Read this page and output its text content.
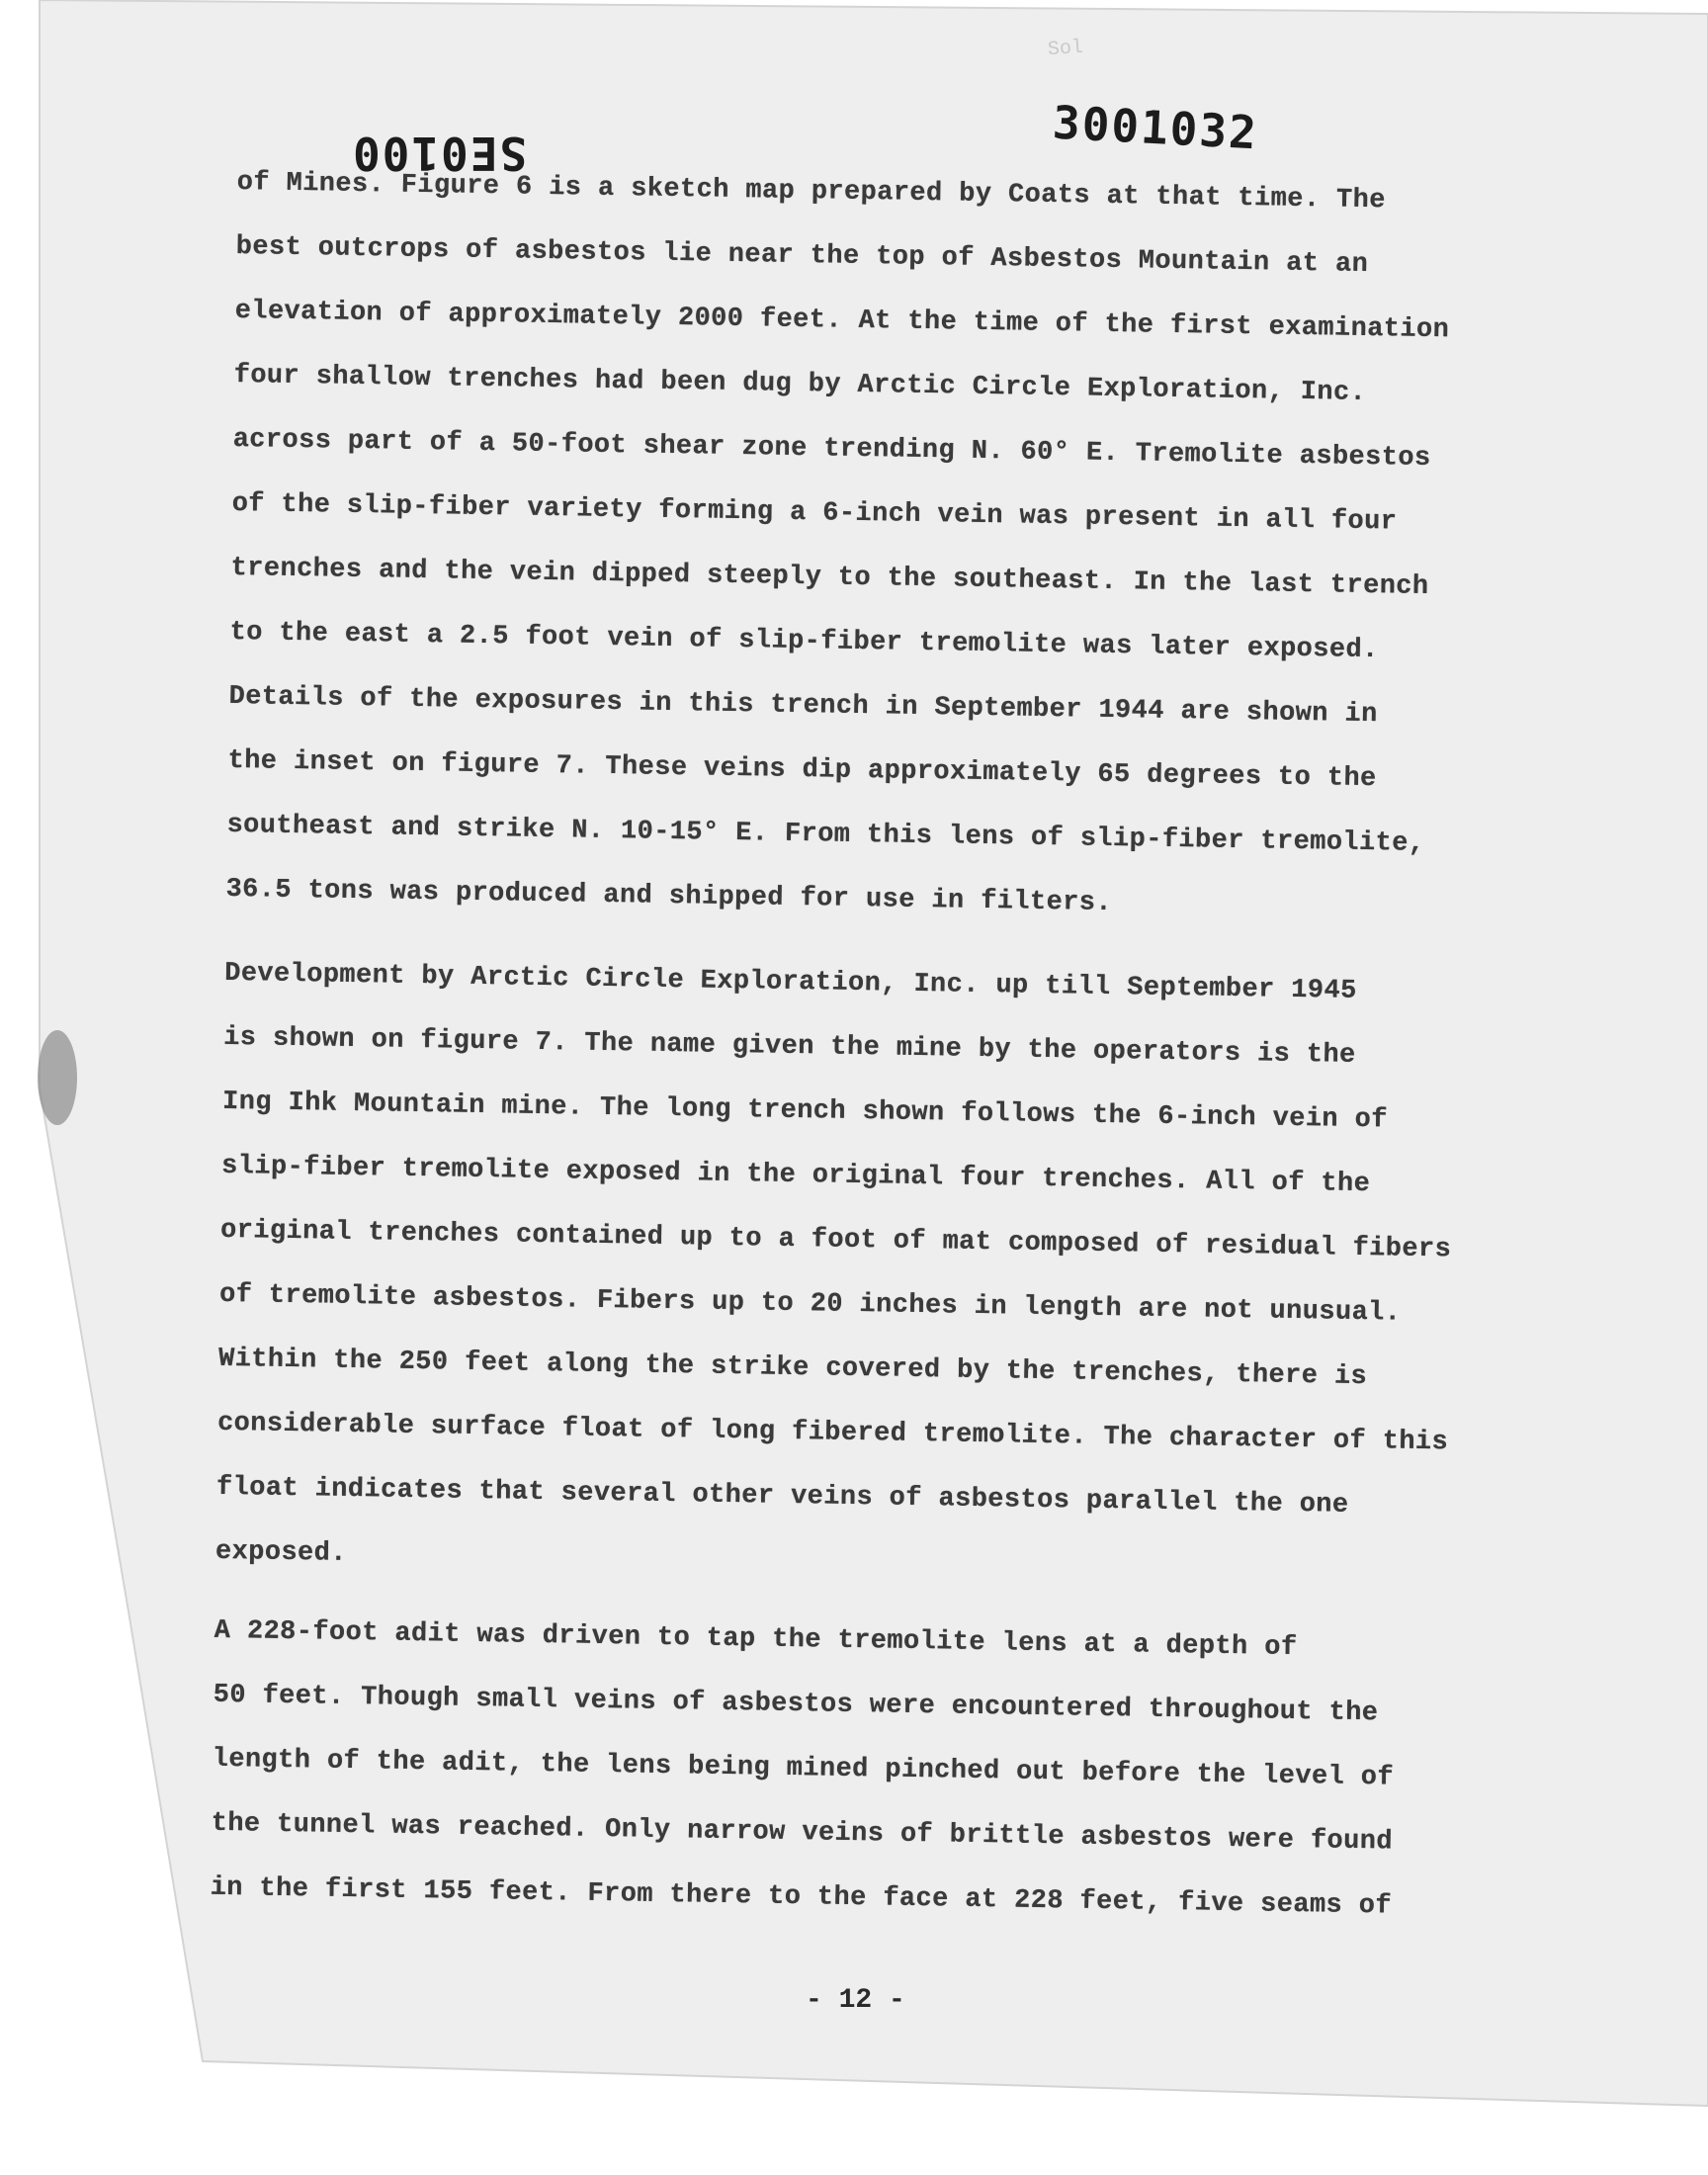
Sol
SE0100	3001032
of Mines. Figure 6 is a sketch map prepared by Coats at that time. The
best outcrops of asbestos lie near the top of Asbestos Mountain at an
elevation of approximately 2000 feet. At the time of the first examination
four shallow trenches had been dug by Arctic Circle Exploration, Inc.
across part of a 50-foot shear zone trending N. 60° E. Tremolite asbestos
of the slip-fiber variety forming a 6-inch vein was present in all four
trenches and the vein dipped steeply to the southeast. In the last trench
to the east a 2.5 foot vein of slip-fiber tremolite was later exposed.
Details of the exposures in this trench in September 1944 are shown in
the inset on figure 7. These veins dip approximately 65 degrees to the
southeast and strike N. 10-15° E. From this lens of slip-fiber tremolite,
36.5 tons was produced and shipped for use in filters.
Development by Arctic Circle Exploration, Inc. up till September 1945
is shown on figure 7. The name given the mine by the operators is the
Ing Ihk Mountain mine. The long trench shown follows the 6-inch vein of
slip-fiber tremolite exposed in the original four trenches. All of the
original trenches contained up to a foot of mat composed of residual fibers
of tremolite asbestos. Fibers up to 20 inches in length are not unusual.
Within the 250 feet along the strike covered by the trenches, there is
considerable surface float of long fibered tremolite. The character of this
float indicates that several other veins of asbestos parallel the one
exposed.
A 228-foot adit was driven to tap the tremolite lens at a depth of
50 feet. Though small veins of asbestos were encountered throughout the
length of the adit, the lens being mined pinched out before the level of
the tunnel was reached. Only narrow veins of brittle asbestos were found
in the first 155 feet. From there to the face at 228 feet, five seams of
- 12 -
